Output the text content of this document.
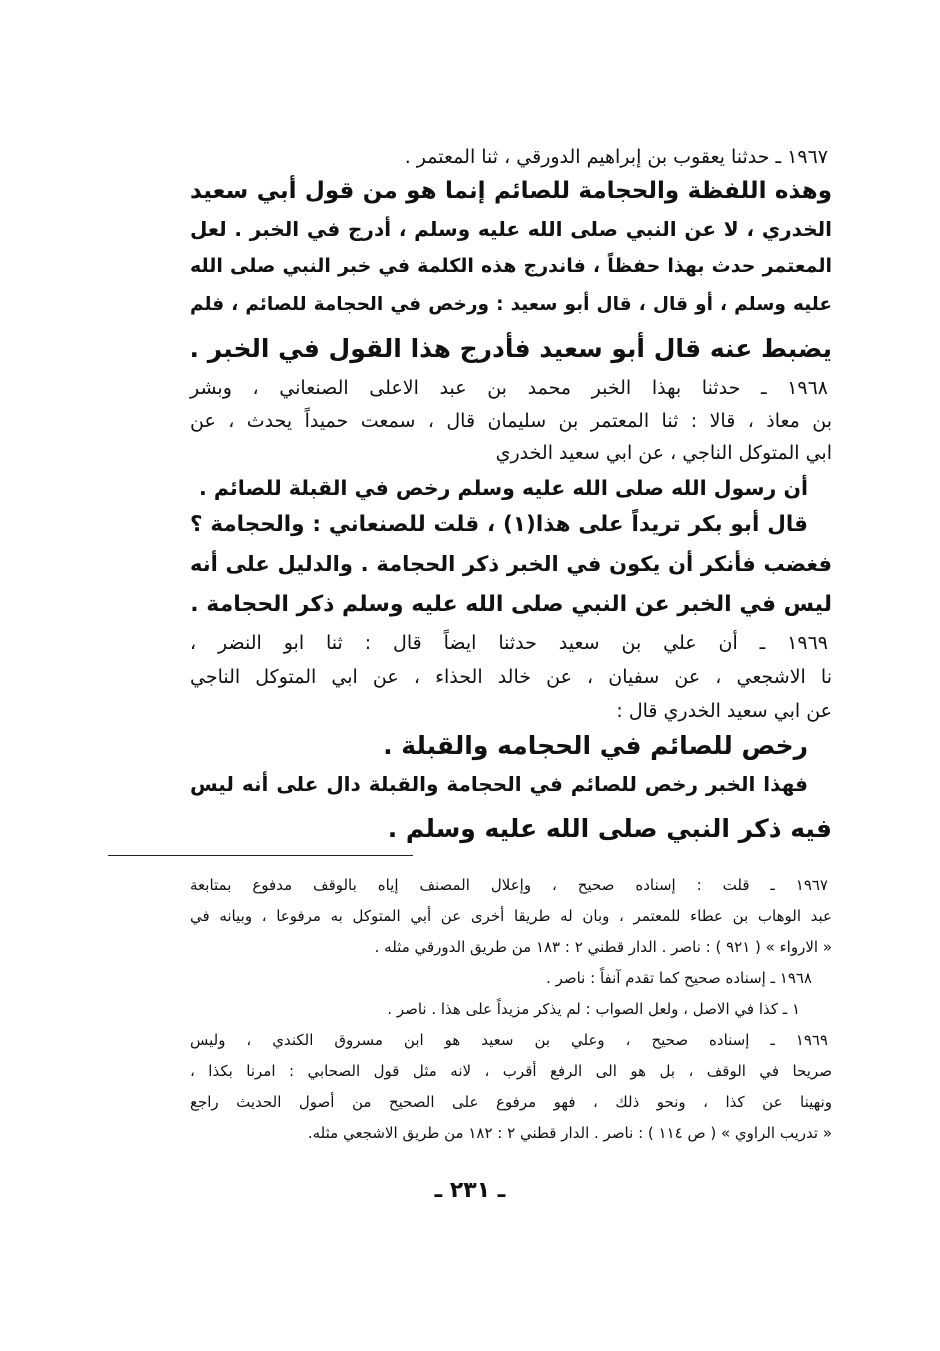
١٩٦٧ ـ حدثنا يعقوب بن إبراهيم الدورقي ، ثنا المعتمر .
وهذه اللفظة والحجامة للصائم إنما هو من قول أبي سعيد
الخدري ، لا عن النبي صلى الله عليه وسلم ، أدرج في الخبر . لعل
المعتمر حدث بهذا حفظاً ، فاندرج هذه الكلمة في خبر النبي صلى الله
عليه وسلم ، أو قال ، قال أبو سعيد : ورخص في الحجامة للصائم ، فلم
يضبط عنه قال أبو سعيد فأدرج هذا القول في الخبر .
١٩٦٨ ـ حدثنا بهذا الخبر محمد بن عبد الاعلى الصنعاني ، وبشر
بن معاذ ، قالا : ثنا المعتمر بن سليمان قال ، سمعت حميداً يحدث ، عن
ابي المتوكل الناجي ، عن ابي سعيد الخدري
أن رسول الله صلى الله عليه وسلم رخص في القبلة للصائم .
قال أبو بكر تريداً على هذا(١) ، قلت للصنعاني : والحجامة ؟
فغضب فأنكر أن يكون في الخبر ذكر الحجامة . والدليل على أنه
ليس في الخبر عن النبي صلى الله عليه وسلم ذكر الحجامة .
١٩٦٩ ـ أن علي بن سعيد حدثنا ايضاً قال : ثنا ابو النضر ،
نا الاشجعي ، عن سفيان ، عن خالد الحذاء ، عن ابي المتوكل الناجي
عن ابي سعيد الخدري قال :
رخص للصائم في الحجامه والقبلة .
فهذا الخبر رخص للصائم في الحجامة والقبلة دال على أنه ليس
فيه ذكر النبي صلى الله عليه وسلم .
١٩٦٧ ـ قلت : إسناده صحيح ، وإعلال المصنف إياه بالوقف مدفوع بمتابعة
عبد الوهاب بن عطاء للمعتمر ، وبان له طريقا أخرى عن أبي المتوكل به مرفوعا ، وبيانه في
« الارواء » ( ٩٢١ ) : ناصر . الدار قطني ٢ : ١٨٣ من طريق الدورقي مثله .
١٩٦٨ ـ إسناده صحيح كما تقدم آنفاً : ناصر .
١ ـ كذا في الاصل ، ولعل الصواب : لم يذكر مزيداً على هذا . ناصر .
١٩٦٩ ـ إسناده صحيح ، وعلي بن سعيد هو ابن مسروق الكندي ، وليس
صريحا في الوقف ، بل هو الى الرفع أقرب ، لانه مثل قول الصحابي : امرنا بكذا ،
ونهينا عن كذا ، ونحو ذلك ، فهو مرفوع على الصحيح من أصول الحديث راجع
« تدريب الراوي » ( ص ١١٤ ) : ناصر . الدار قطني ٢ : ١٨٢ من طريق الاشجعي مثله.
ـ ٢٣١ ـ
